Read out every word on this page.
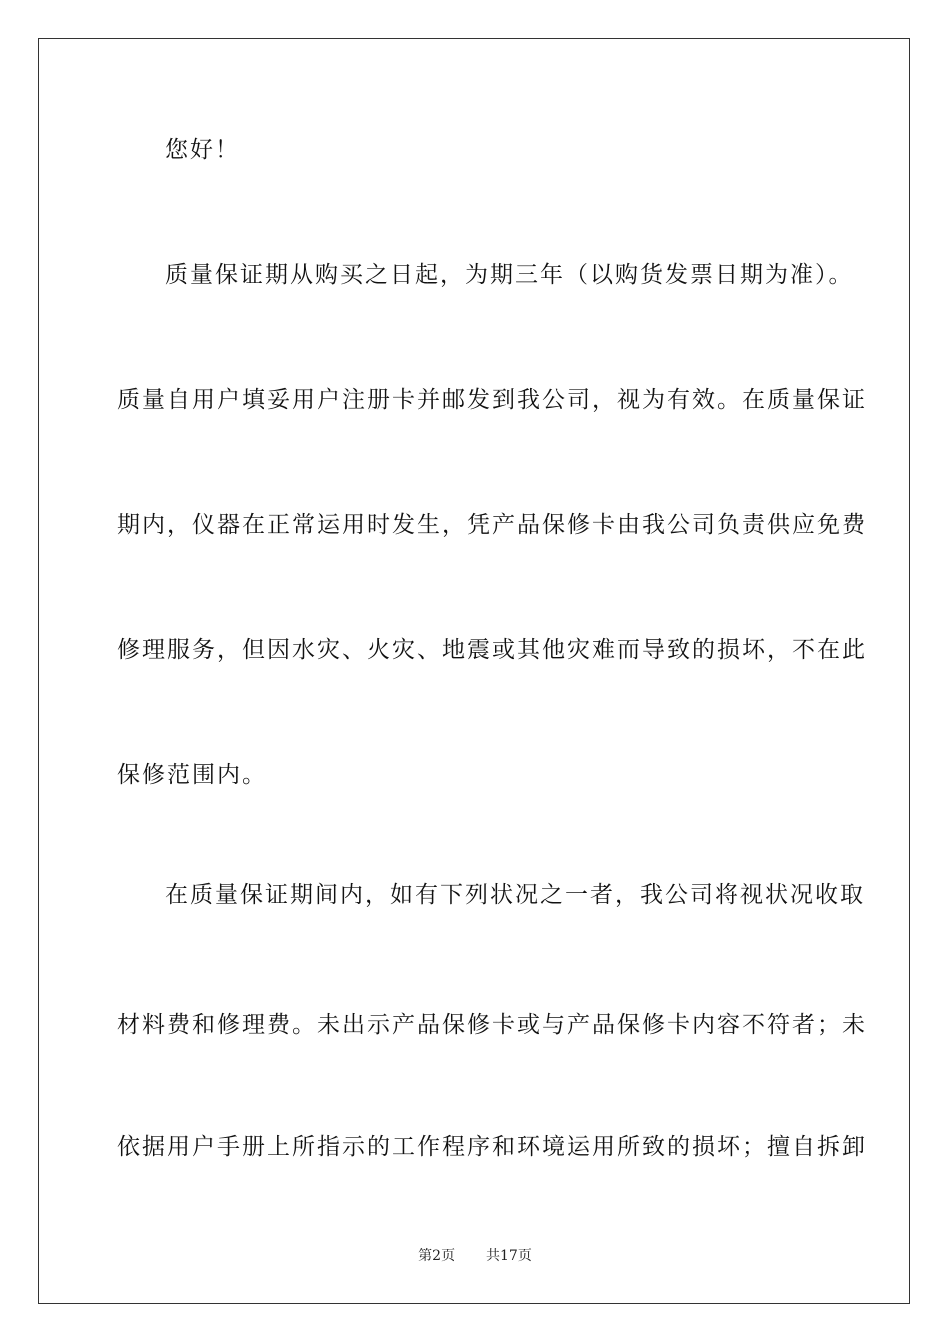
您好！
质量保证期从购买之日起，为期三年（以购货发票日期为准）。
质量自用户填妥用户注册卡并邮发到我公司，视为有效。在质量保证
期内，仪器在正常运用时发生，凭产品保修卡由我公司负责供应免费
修理服务，但因水灾、火灾、地震或其他灾难而导致的损坏，不在此
保修范围内。
在质量保证期间内，如有下列状况之一者，我公司将视状况收取
材料费和修理费。未出示产品保修卡或与产品保修卡内容不符者；未
依据用户手册上所指示的工作程序和环境运用所致的损坏；擅自拆卸
第2页 共17页
